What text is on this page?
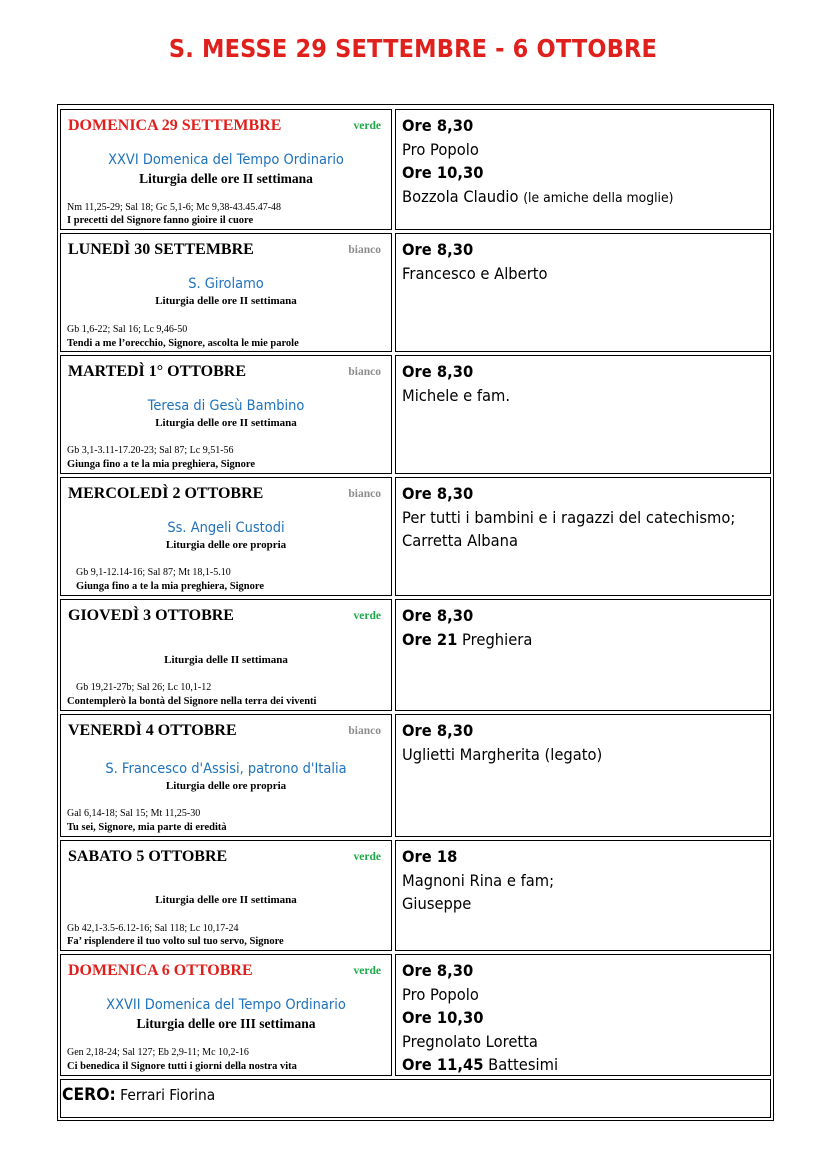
S. MESSE 29 SETTEMBRE - 6 OTTOBRE
DOMENICA 29 SETTEMBRE	verde
XXVI Domenica del Tempo Ordinario
Liturgia delle ore II settimana
Nm 11,25-29; Sal 18; Gc 5,1-6; Mc 9,38-43.45.47-48
I precetti del Signore fanno gioire il cuore
Ore 8,30
Pro Popolo
Ore 10,30
Bozzola Claudio (le amiche della moglie)
LUNEDÌ 30 SETTEMBRE	bianco
S. Girolamo
Liturgia delle ore II settimana
Gb 1,6-22; Sal 16; Lc 9,46-50
Tendi a me l’orecchio, Signore, ascolta le mie parole
Ore 8,30
Francesco e Alberto
MARTEDÌ 1° OTTOBRE	bianco
Teresa di Gesù Bambino
Liturgia delle ore II settimana
Gb 3,1-3.11-17.20-23; Sal 87; Lc 9,51-56
Giunga fino a te la mia preghiera, Signore
Ore 8,30
Michele e fam.
MERCOLEDÌ 2 OTTOBRE	bianco
Ss. Angeli Custodi
Liturgia delle ore propria
Gb 9,1-12.14-16; Sal 87; Mt 18,1-5.10
Giunga fino a te la mia preghiera, Signore
Ore 8,30
Per tutti i bambini e i ragazzi del catechismo;
Carretta Albana
GIOVEDÌ 3 OTTOBRE	verde
Liturgia delle II settimana
Gb 19,21-27b; Sal 26; Lc 10,1-12
Contemplerò la bontà del Signore nella terra dei viventi
Ore 8,30
Ore 21 Preghiera
VENERDÌ 4 OTTOBRE	bianco
S. Francesco d'Assisi, patrono d'Italia
Liturgia delle ore propria
Gal 6,14-18; Sal 15; Mt 11,25-30
Tu sei, Signore, mia parte di eredità
Ore 8,30
Uglietti Margherita (legato)
SABATO 5 OTTOBRE	verde
Liturgia delle ore II settimana
Gb 42,1-3.5-6.12-16; Sal 118; Lc 10,17-24
Fa’ risplendere il tuo volto sul tuo servo, Signore
Ore 18
Magnoni Rina e fam;
Giuseppe
DOMENICA 6 OTTOBRE	verde
XXVII Domenica del Tempo Ordinario
Liturgia delle ore III settimana
Gen 2,18-24; Sal 127; Eb 2,9-11; Mc 10,2-16
Ci benedica il Signore tutti i giorni della nostra vita
Ore 8,30
Pro Popolo
Ore 10,30
Pregnolato Loretta
Ore 11,45 Battesimi
CERO: Ferrari Fiorina
